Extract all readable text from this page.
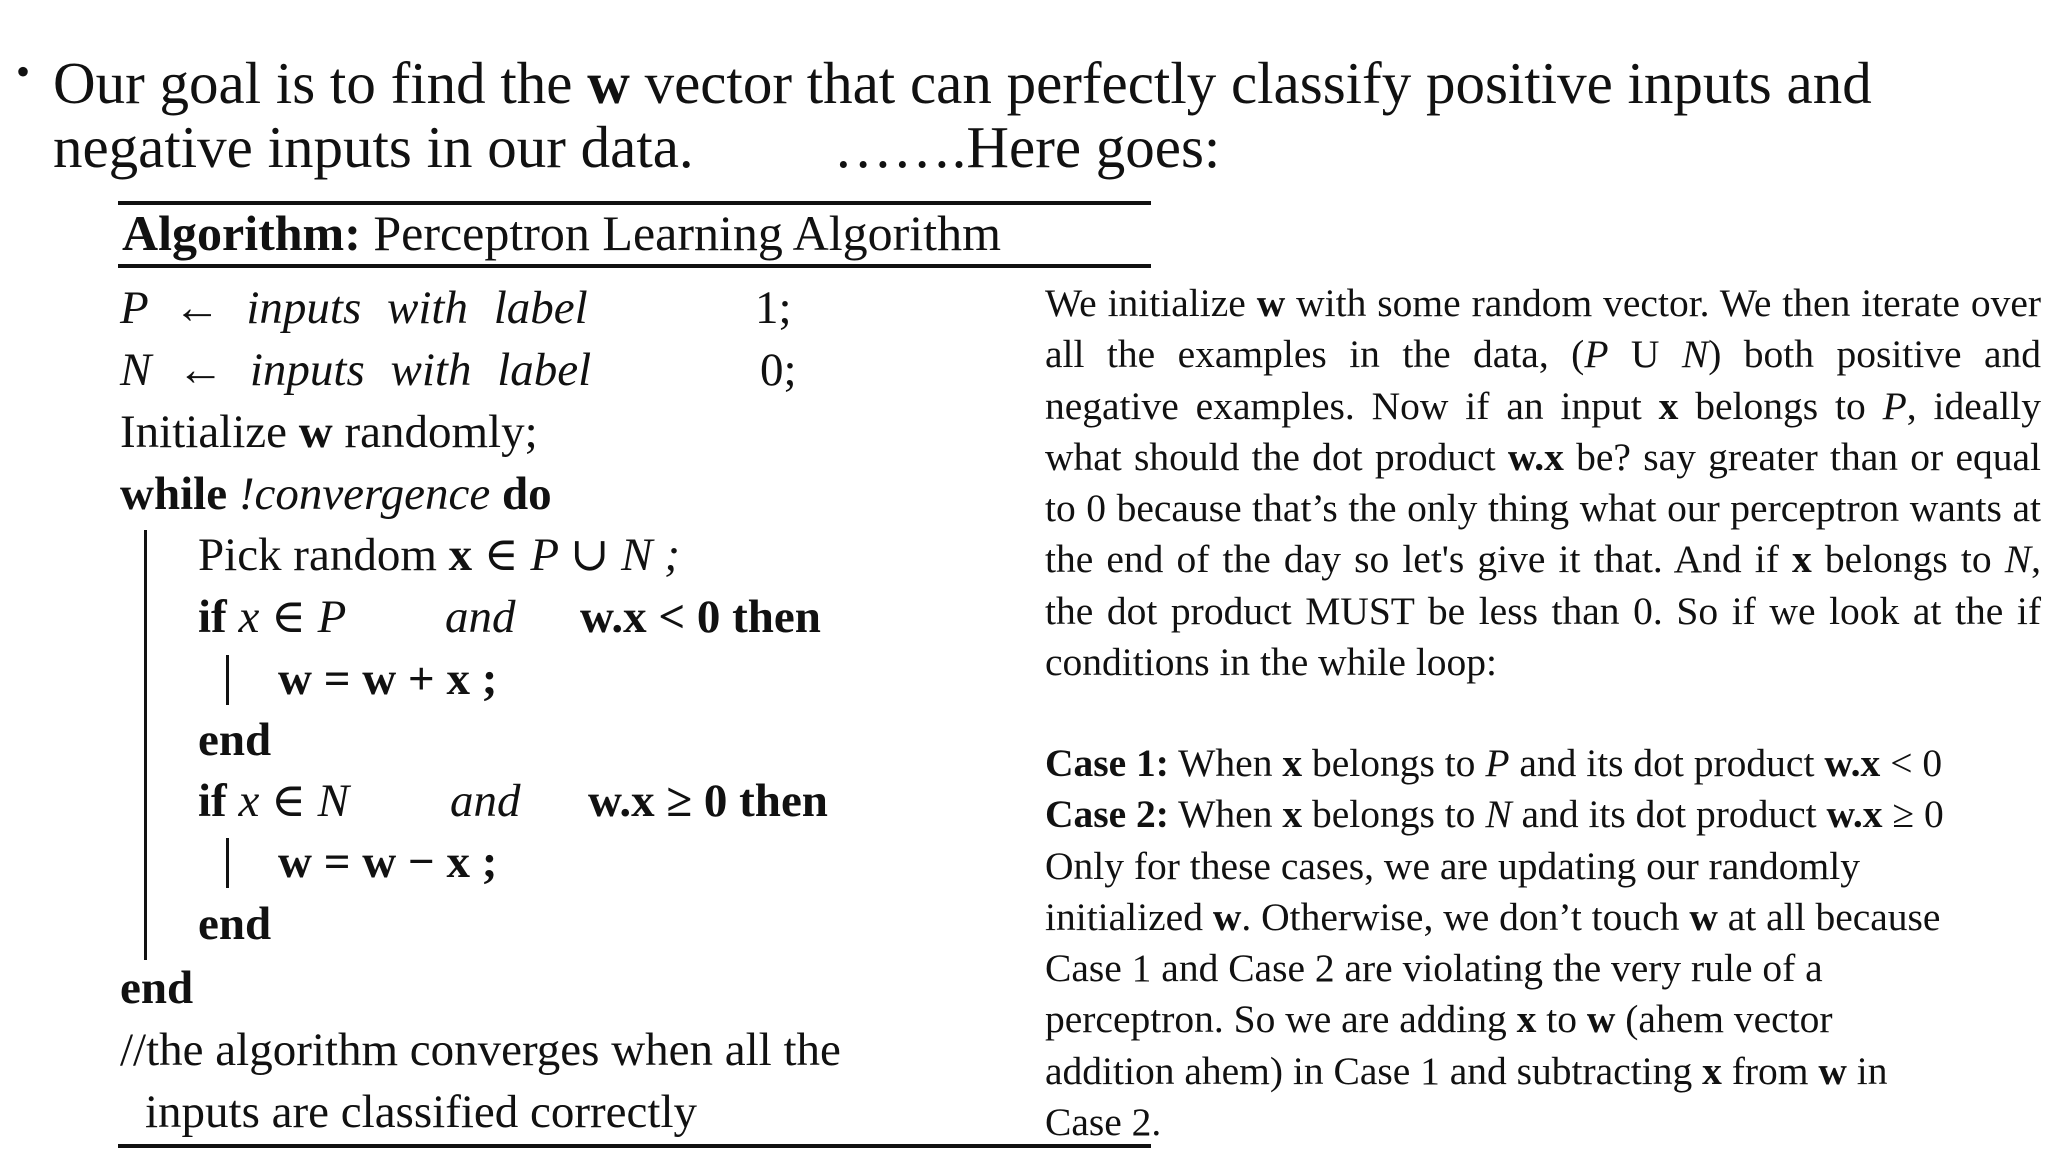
• Our goal is to find the w vector that can perfectly classify positive inputs and
negative inputs in our data. …….Here goes:
Algorithm: Perceptron Learning Algorithm
P ← inputs with label	1;
N ← inputs with label	0;
Initialize w randomly;
while !convergence do
Pick random x ∈ P ∪ N ;
if x ∈ P and w.x < 0 then
w = w + x ;
end
if x ∈ N and w.x ≥ 0 then
w = w − x ;
end
end
//the algorithm converges when all the
inputs are classified correctly
We initialize w with some random vector. We then iterate over all the examples in the data, (P U N) both positive and negative examples. Now if an input x belongs to P, ideally what should the dot product w.x be? say greater than or equal to 0 because that’s the only thing what our perceptron wants at the end of the day so let's give it that. And if x belongs to N, the dot product MUST be less than 0. So if we look at the if conditions in the while loop:
Case 1: When x belongs to P and its dot product w.x < 0
Case 2: When x belongs to N and its dot product w.x ≥ 0
Only for these cases, we are updating our randomly
initialized w. Otherwise, we don’t touch w at all because
Case 1 and Case 2 are violating the very rule of a
perceptron. So we are adding x to w (ahem vector
addition ahem) in Case 1 and subtracting x from w in
Case 2.
